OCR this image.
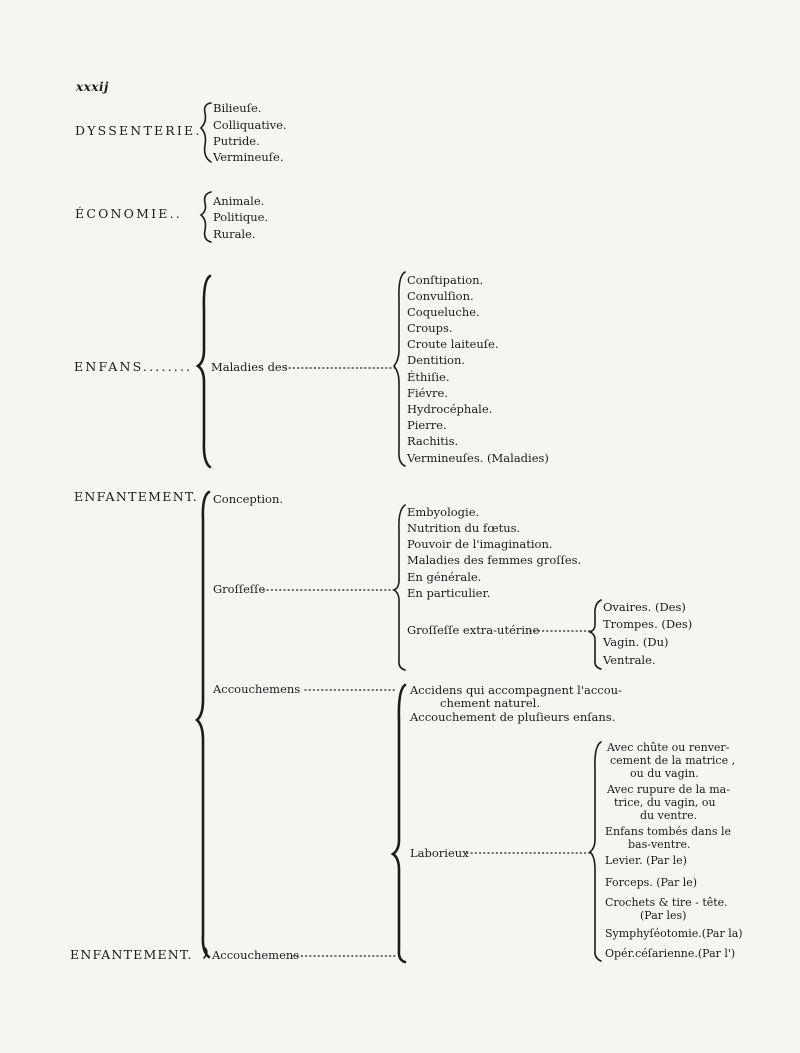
xxxij
DYSSENTERIE.
Bilieuſe.
Colliquative.
Putride.
Vermineuſe.
ÉCONOMIE..
Animale.
Politique.
Rurale.
ENFANS........ Maladies des
Conſtipation.
Convulſion.
Coqueluche.
Croups.
Croute laiteuſe.
Dentition.
Éthiſie.
Fiévre.
Hydrocéphale.
Pierre.
Rachitis.
Vermineuſes. (Maladies)
ENFANTEMENT. Conception.
Groſſeſſe
Embyologie.
Nutrition du fœtus.
Pouvoir de l'imagination.
Maladies des femmes groſſes.
En générale.
En particulier.
Groſſeſſe extra-utérine
Ovaires. (Des)
Trompes. (Des)
Vagin. (Du)
Ventrale.
Accouchemens	Accidens qui accompagnent l'accou-
chement naturel.
Accouchement de pluſieurs enſans.
Laborieux
Avec chûte ou renver-
cement de la matrice ,
ou du vagin.
Avec rupure de la ma-
trice, du vagin, ou
du ventre.
Enfans tombés dans le
bas-ventre.
Levier. (Par le)
Forceps. (Par le)
Crochets & tire - tête.
(Par les)
Symphyſéotomie.(Par la)
Opér.céſarienne.(Par l')
ENFANTEMENT. Accouchemens
